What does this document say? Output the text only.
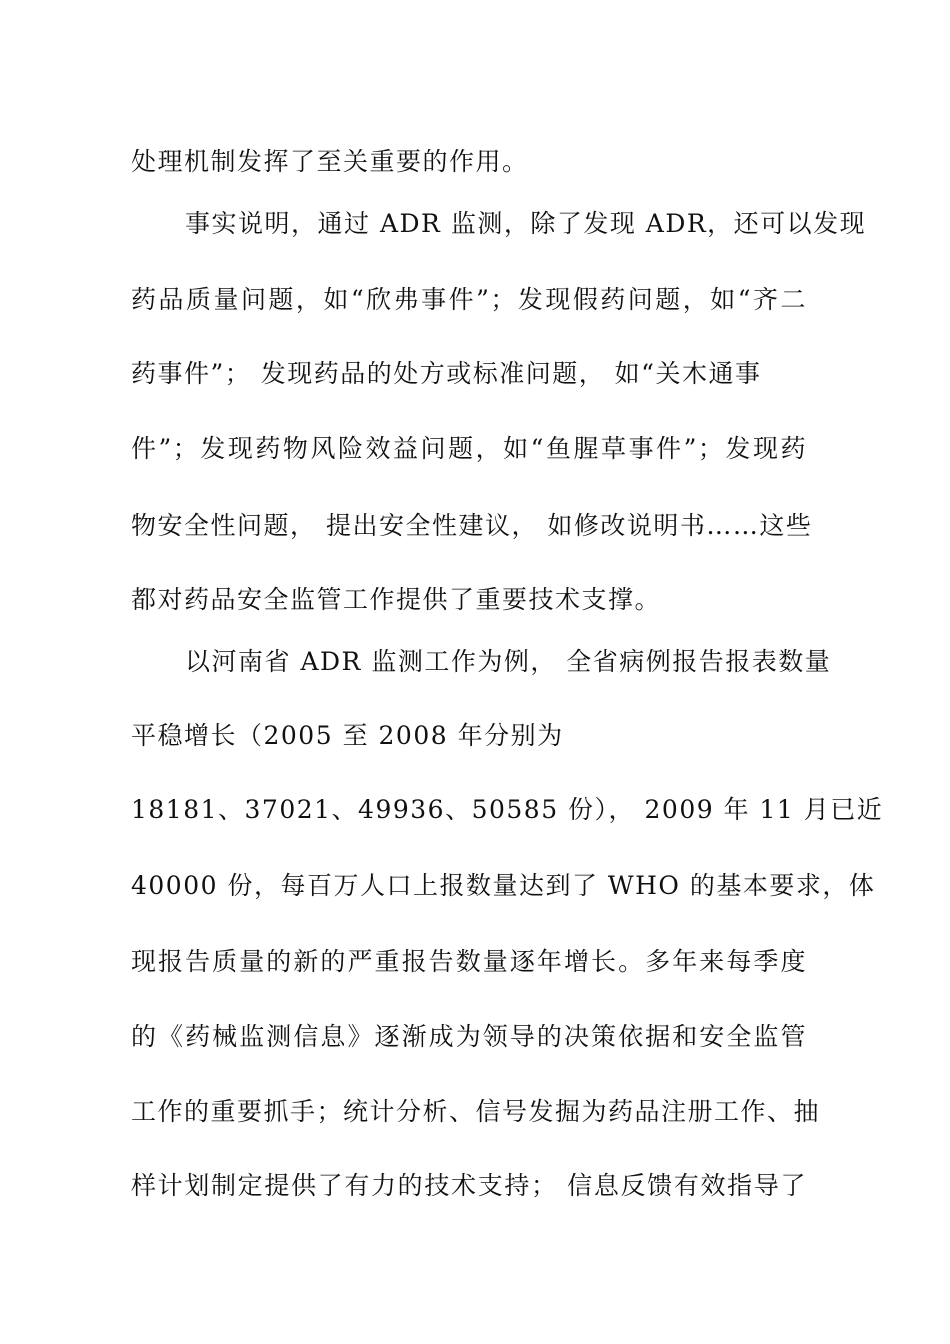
处理机制发挥了至关重要的作用。
事实说明，通过 ADR 监测，除了发现 ADR，还可以发现
药品质量问题，如“欣弗事件”；发现假药问题，如“齐二
药事件”； 发现药品的处方或标准问题， 如“关木通事
件”；发现药物风险效益问题，如“鱼腥草事件”；发现药
物安全性问题， 提出安全性建议， 如修改说明书……这些
都对药品安全监管工作提供了重要技术支撑。
以河南省 ADR 监测工作为例， 全省病例报告报表数量
平稳增长（2005 至 2008 年分别为
18181、37021、49936、50585 份）， 2009 年 11 月已近
40000 份，每百万人口上报数量达到了 WHO 的基本要求，体
现报告质量的新的严重报告数量逐年增长。多年来每季度
的《药械监测信息》逐渐成为领导的决策依据和安全监管
工作的重要抓手；统计分析、信号发掘为药品注册工作、抽
样计划制定提供了有力的技术支持； 信息反馈有效指导了
